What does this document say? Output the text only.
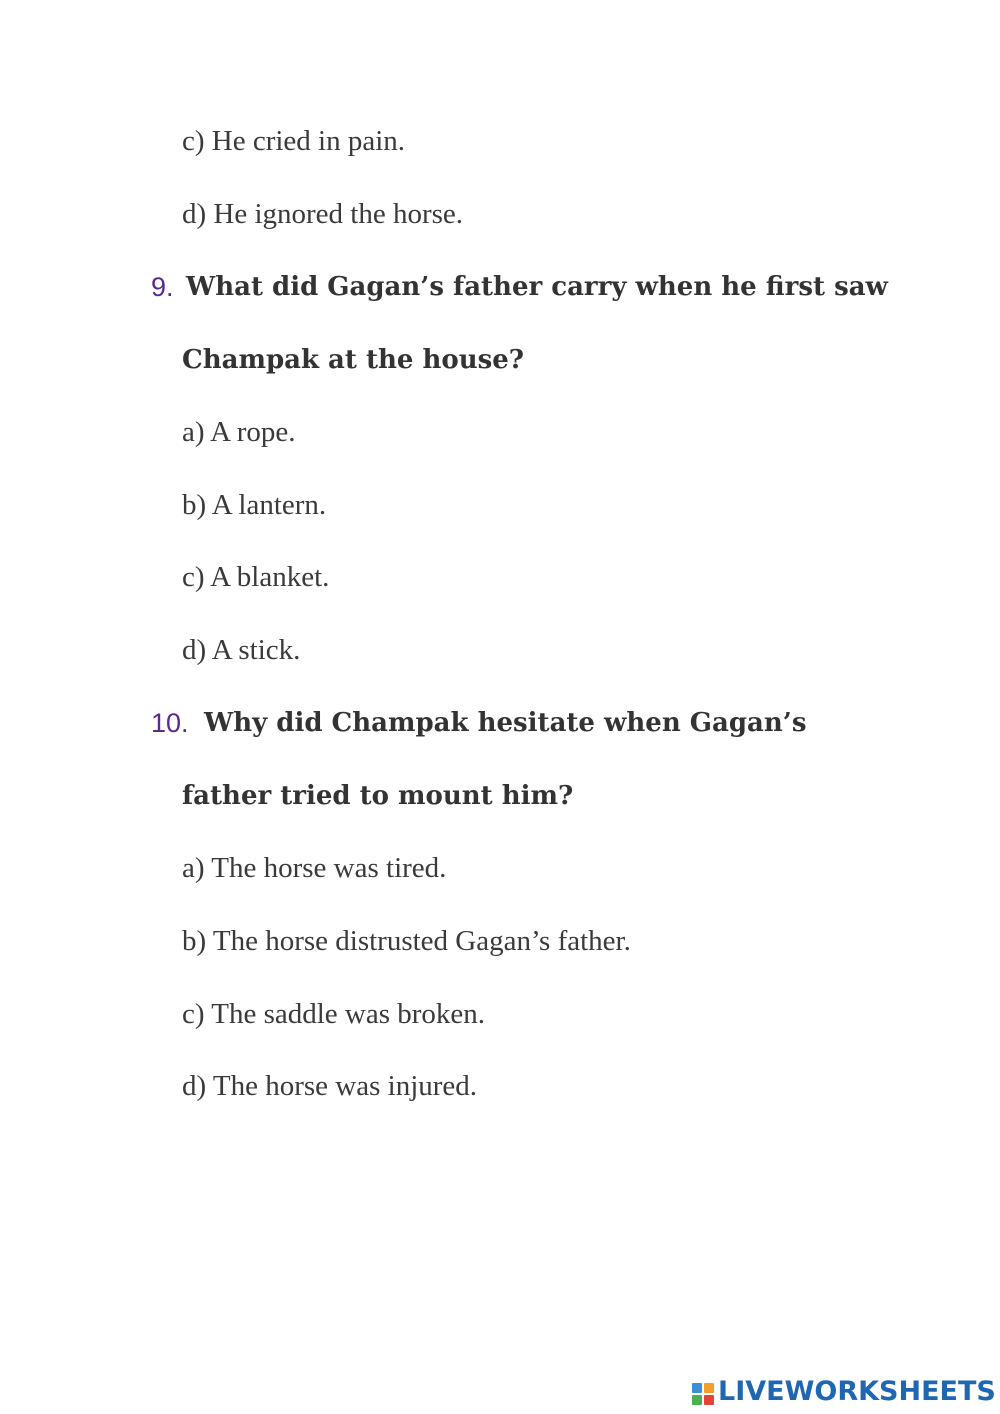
c) He cried in pain.
d) He ignored the horse.
9. What did Gagan’s father carry when he first saw
Champak at the house?
a) A rope.
b) A lantern.
c) A blanket.
d) A stick.
10. Why did Champak hesitate when Gagan’s
father tried to mount him?
a) The horse was tired.
b) The horse distrusted Gagan’s father.
c) The saddle was broken.
d) The horse was injured.
LIVEWORKSHEETS
